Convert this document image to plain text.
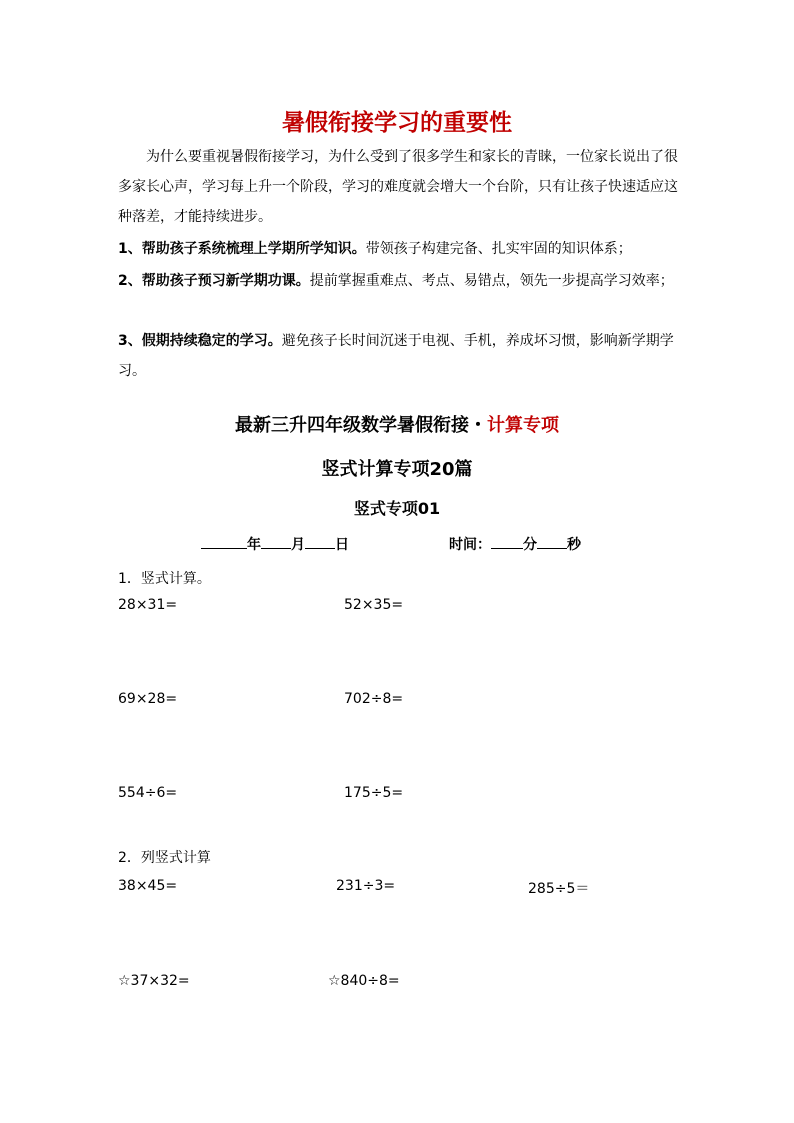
暑假衔接学习的重要性
为什么要重视暑假衔接学习，为什么受到了很多学生和家长的青睐，一位家长说出了很多家长心声，学习每上升一个阶段，学习的难度就会增大一个台阶，只有让孩子快速适应这种落差，才能持续进步。
1、帮助孩子系统梳理上学期所学知识。带领孩子构建完备、扎实牢固的知识体系；
2、帮助孩子预习新学期功课。提前掌握重难点、考点、易错点，领先一步提高学习效率；
3、假期持续稳定的学习。避免孩子长时间沉迷于电视、手机，养成坏习惯，影响新学期学习。
最新三升四年级数学暑假衔接・计算专项
竖式计算专项20篇
竖式专项01
年 月 日	时间： 分 秒
1．竖式计算。
28×31=	52×35=
69×28=	702÷8=
554÷6=	175÷5=
2．列竖式计算
38×45=	231÷3=	285÷5＝
☆37×32=	☆840÷8=
